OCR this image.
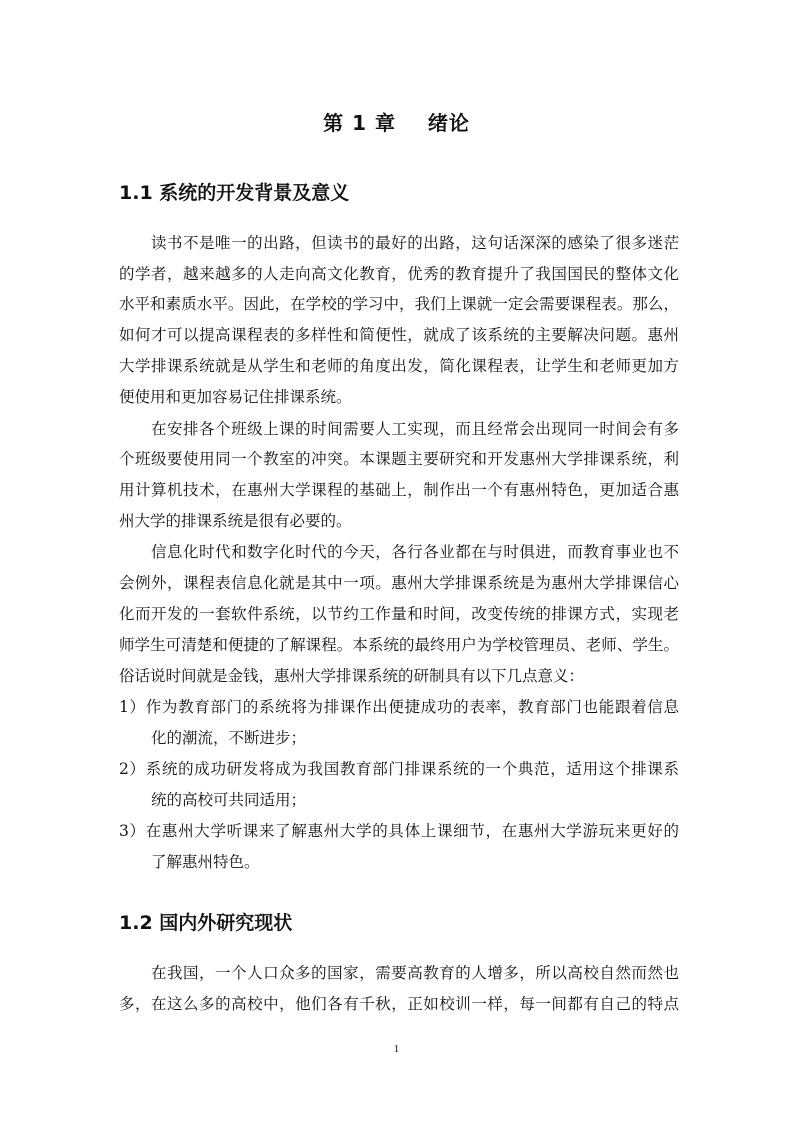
第 1 章    绪论
1.1 系统的开发背景及意义
读书不是唯一的出路，但读书的最好的出路，这句话深深的感染了很多迷茫
的学者，越来越多的人走向高文化教育，优秀的教育提升了我国国民的整体文化
水平和素质水平。因此，在学校的学习中，我们上课就一定会需要课程表。那么，
如何才可以提高课程表的多样性和简便性，就成了该系统的主要解决问题。惠州
大学排课系统就是从学生和老师的角度出发，简化课程表，让学生和老师更加方
便使用和更加容易记住排课系统。
在安排各个班级上课的时间需要人工实现，而且经常会出现同一时间会有多
个班级要使用同一个教室的冲突。本课题主要研究和开发惠州大学排课系统，利
用计算机技术，在惠州大学课程的基础上，制作出一个有惠州特色，更加适合惠
州大学的排课系统是很有必要的。
信息化时代和数字化时代的今天，各行各业都在与时俱进，而教育事业也不
会例外，课程表信息化就是其中一项。惠州大学排课系统是为惠州大学排课信心
化而开发的一套软件系统，以节约工作量和时间，改变传统的排课方式，实现老
师学生可清楚和便捷的了解课程。本系统的最终用户为学校管理员、老师、学生。
俗话说时间就是金钱，惠州大学排课系统的研制具有以下几点意义：
1）作为教育部门的系统将为排课作出便捷成功的表率，教育部门也能跟着信息
化的潮流，不断进步；
2）系统的成功研发将成为我国教育部门排课系统的一个典范，适用这个排课系
统的高校可共同适用；
3）在惠州大学听课来了解惠州大学的具体上课细节，在惠州大学游玩来更好的
了解惠州特色。
1.2 国内外研究现状
在我国，一个人口众多的国家，需要高教育的人增多，所以高校自然而然也
多，在这么多的高校中，他们各有千秋，正如校训一样，每一间都有自己的特点
1
